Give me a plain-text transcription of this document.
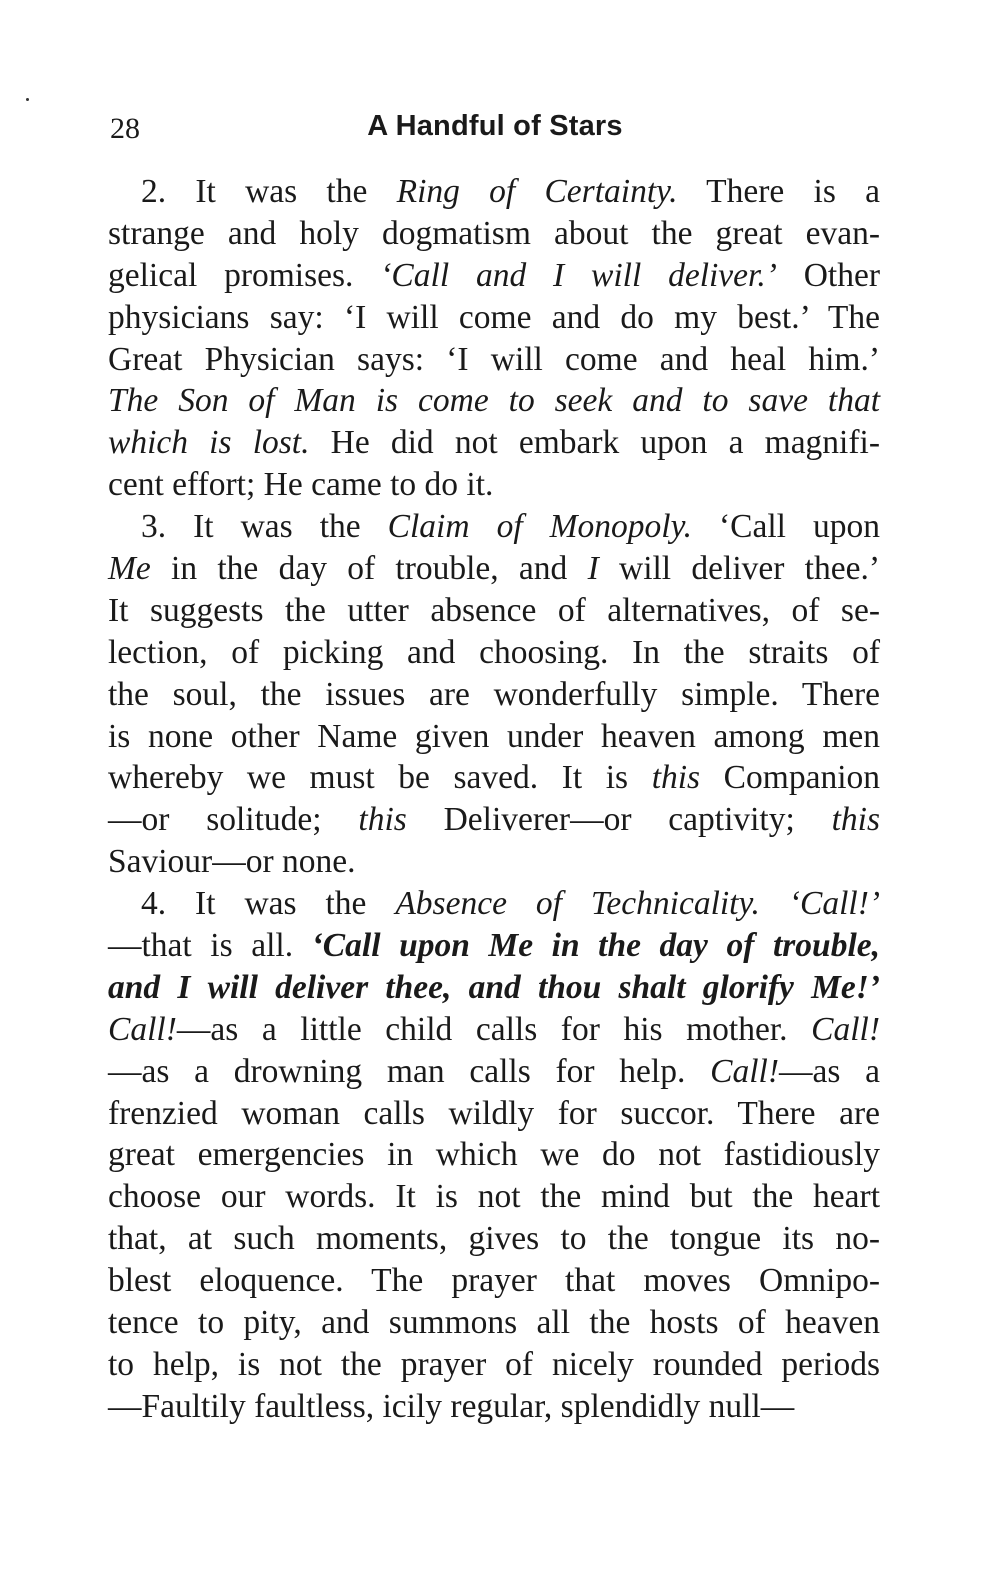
28	A Handful of Stars
2. It was the Ring of Certainty. There is a
strange and holy dogmatism about the great evan-
gelical promises. ‘Call and I will deliver.’ Other
physicians say: ‘I will come and do my best.’ The
Great Physician says: ‘I will come and heal him.’
The Son of Man is come to seek and to save that
which is lost. He did not embark upon a magnifi-
cent effort; He came to do it.
3. It was the Claim of Monopoly. ‘Call upon
Me in the day of trouble, and I will deliver thee.’
It suggests the utter absence of alternatives, of se-
lection, of picking and choosing. In the straits of
the soul, the issues are wonderfully simple. There
is none other Name given under heaven among men
whereby we must be saved. It is this Companion
—or solitude; this Deliverer—or captivity; this
Saviour—or none.
4. It was the Absence of Technicality. ‘Call!’
—that is all. ‘Call upon Me in the day of trouble,
and I will deliver thee, and thou shalt glorify Me!’
Call!—as a little child calls for his mother. Call!
—as a drowning man calls for help. Call!—as a
frenzied woman calls wildly for succor. There are
great emergencies in which we do not fastidiously
choose our words. It is not the mind but the heart
that, at such moments, gives to the tongue its no-
blest eloquence. The prayer that moves Omnipo-
tence to pity, and summons all the hosts of heaven
to help, is not the prayer of nicely rounded periods
—Faultily faultless, icily regular, splendidly null—
